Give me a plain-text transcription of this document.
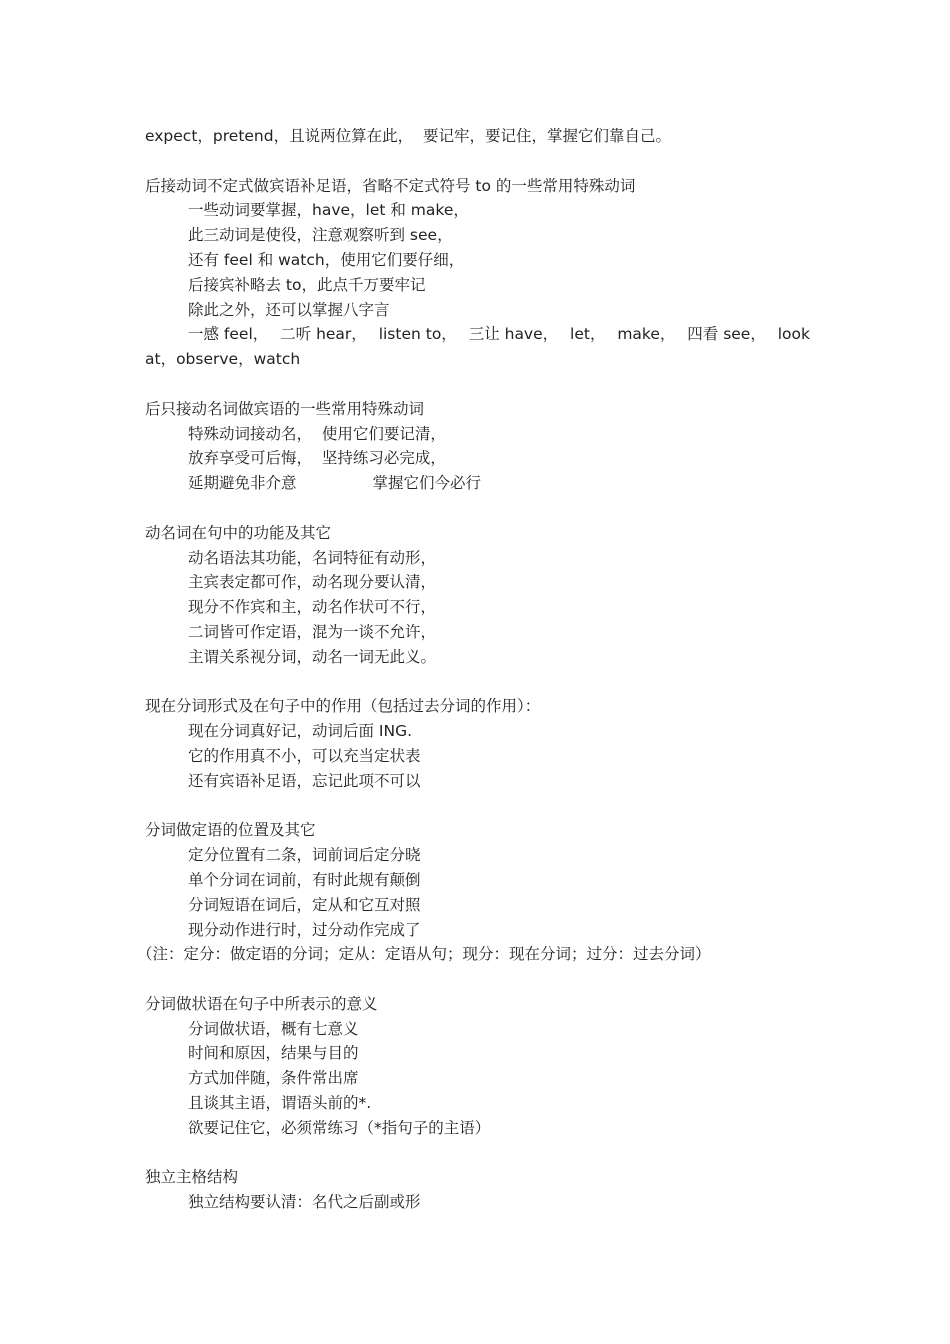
expect，pretend，且说两位算在此，  要记牢，要记住，掌握它们靠自己。
后接动词不定式做宾语补足语，省略不定式符号 to 的一些常用特殊动词
一些动词要掌握，have，let 和 make，
此三动词是使役，注意观察听到 see，
还有 feel 和 watch，使用它们要仔细，
后接宾补略去 to，此点千万要牢记
除此之外，还可以掌握八字言
一感 feel， 二听 hear， listen to， 三让 have， let， make， 四看 see， look
at，observe，watch
后只接动名词做宾语的一些常用特殊动词
特殊动词接动名，  使用它们要记清，
放弃享受可后悔，  坚持练习必完成，
延期避免非介意	掌握它们今必行
动名词在句中的功能及其它
动名语法其功能，名词特征有动形，
主宾表定都可作，动名现分要认清，
现分不作宾和主，动名作状可不行，
二词皆可作定语，混为一谈不允许，
主谓关系视分词，动名一词无此义。
现在分词形式及在句子中的作用（包括过去分词的作用）：
现在分词真好记，动词后面 ING.
它的作用真不小，可以充当定状表
还有宾语补足语，忘记此项不可以
分词做定语的位置及其它
定分位置有二条，词前词后定分晓
单个分词在词前，有时此规有颠倒
分词短语在词后，定从和它互对照
现分动作进行时，过分动作完成了
（注：定分：做定语的分词；定从：定语从句；现分：现在分词；过分：过去分词）
分词做状语在句子中所表示的意义
分词做状语，概有七意义
时间和原因，结果与目的
方式加伴随，条件常出席
且谈其主语，谓语头前的*.
欲要记住它，必须常练习（*指句子的主语）
独立主格结构
独立结构要认清：名代之后副或形
